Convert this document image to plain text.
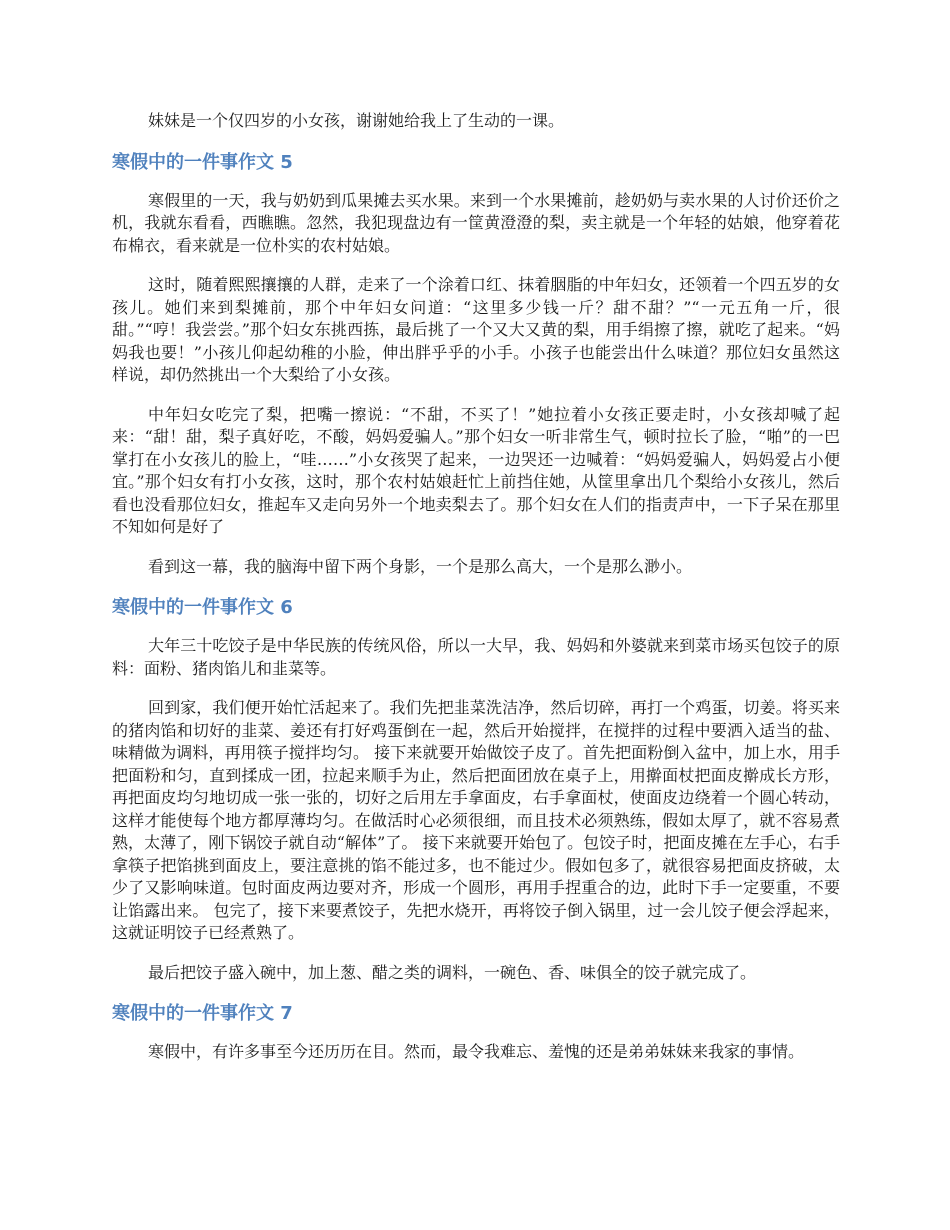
妹妹是一个仅四岁的小女孩，谢谢她给我上了生动的一课。

寒假中的一件事作文 5

寒假里的一天，我与奶奶到瓜果摊去买水果。来到一个水果摊前，趁奶奶与卖水果的人讨价还价之机，我就东看看，西瞧瞧。忽然，我犯现盘边有一筐黄澄澄的梨，卖主就是一个年轻的姑娘，他穿着花布棉衣，看来就是一位朴实的农村姑娘。

这时，随着熙熙攘攘的人群，走来了一个涂着口红、抹着胭脂的中年妇女，还领着一个四五岁的女孩儿。她们来到梨摊前，那个中年妇女问道：“这里多少钱一斤？甜不甜？”“一元五角一斤，很甜。”“哼！我尝尝。”那个妇女东挑西拣，最后挑了一个又大又黄的梨，用手绢擦了擦，就吃了起来。“妈妈我也要！”小孩儿仰起幼稚的小脸，伸出胖乎乎的小手。小孩子也能尝出什么味道？那位妇女虽然这样说，却仍然挑出一个大梨给了小女孩。

中年妇女吃完了梨，把嘴一擦说：“不甜，不买了！”她拉着小女孩正要走时，小女孩却喊了起来：“甜！甜，梨子真好吃，不酸，妈妈爱骗人。”那个妇女一听非常生气，顿时拉长了脸，“啪”的一巴掌打在小女孩儿的脸上，“哇……”小女孩哭了起来，一边哭还一边喊着：“妈妈爱骗人，妈妈爱占小便宜。”那个妇女有打小女孩，这时，那个农村姑娘赶忙上前挡住她，从筐里拿出几个梨给小女孩儿，然后看也没看那位妇女，推起车又走向另外一个地卖梨去了。那个妇女在人们的指责声中，一下子呆在那里不知如何是好了

看到这一幕，我的脑海中留下两个身影，一个是那么高大，一个是那么渺小。

寒假中的一件事作文 6

大年三十吃饺子是中华民族的传统风俗，所以一大早，我、妈妈和外婆就来到菜市场买包饺子的原料：面粉、猪肉馅儿和韭菜等。

回到家，我们便开始忙活起来了。我们先把韭菜洗洁净，然后切碎，再打一个鸡蛋，切姜。将买来的猪肉馅和切好的韭菜、姜还有打好鸡蛋倒在一起，然后开始搅拌，在搅拌的过程中要洒入适当的盐、味精做为调料，再用筷子搅拌均匀。 接下来就要开始做饺子皮了。首先把面粉倒入盆中，加上水，用手把面粉和匀，直到揉成一团，拉起来顺手为止，然后把面团放在桌子上，用擀面杖把面皮擀成长方形，再把面皮均匀地切成一张一张的，切好之后用左手拿面皮，右手拿面杖，使面皮边绕着一个圆心转动，这样才能使每个地方都厚薄均匀。在做活时心必须很细，而且技术必须熟练，假如太厚了，就不容易煮熟，太薄了，刚下锅饺子就自动“解体”了。 接下来就要开始包了。包饺子时，把面皮摊在左手心，右手拿筷子把馅挑到面皮上，要注意挑的馅不能过多，也不能过少。假如包多了，就很容易把面皮挤破，太少了又影响味道。包时面皮两边要对齐，形成一个圆形，再用手捏重合的边，此时下手一定要重，不要让馅露出来。 包完了，接下来要煮饺子，先把水烧开，再将饺子倒入锅里，过一会儿饺子便会浮起来，这就证明饺子已经煮熟了。

最后把饺子盛入碗中，加上葱、醋之类的调料，一碗色、香、味俱全的饺子就完成了。

寒假中的一件事作文 7

寒假中，有许多事至今还历历在目。然而，最令我难忘、羞愧的还是弟弟妹妹来我家的事情。
